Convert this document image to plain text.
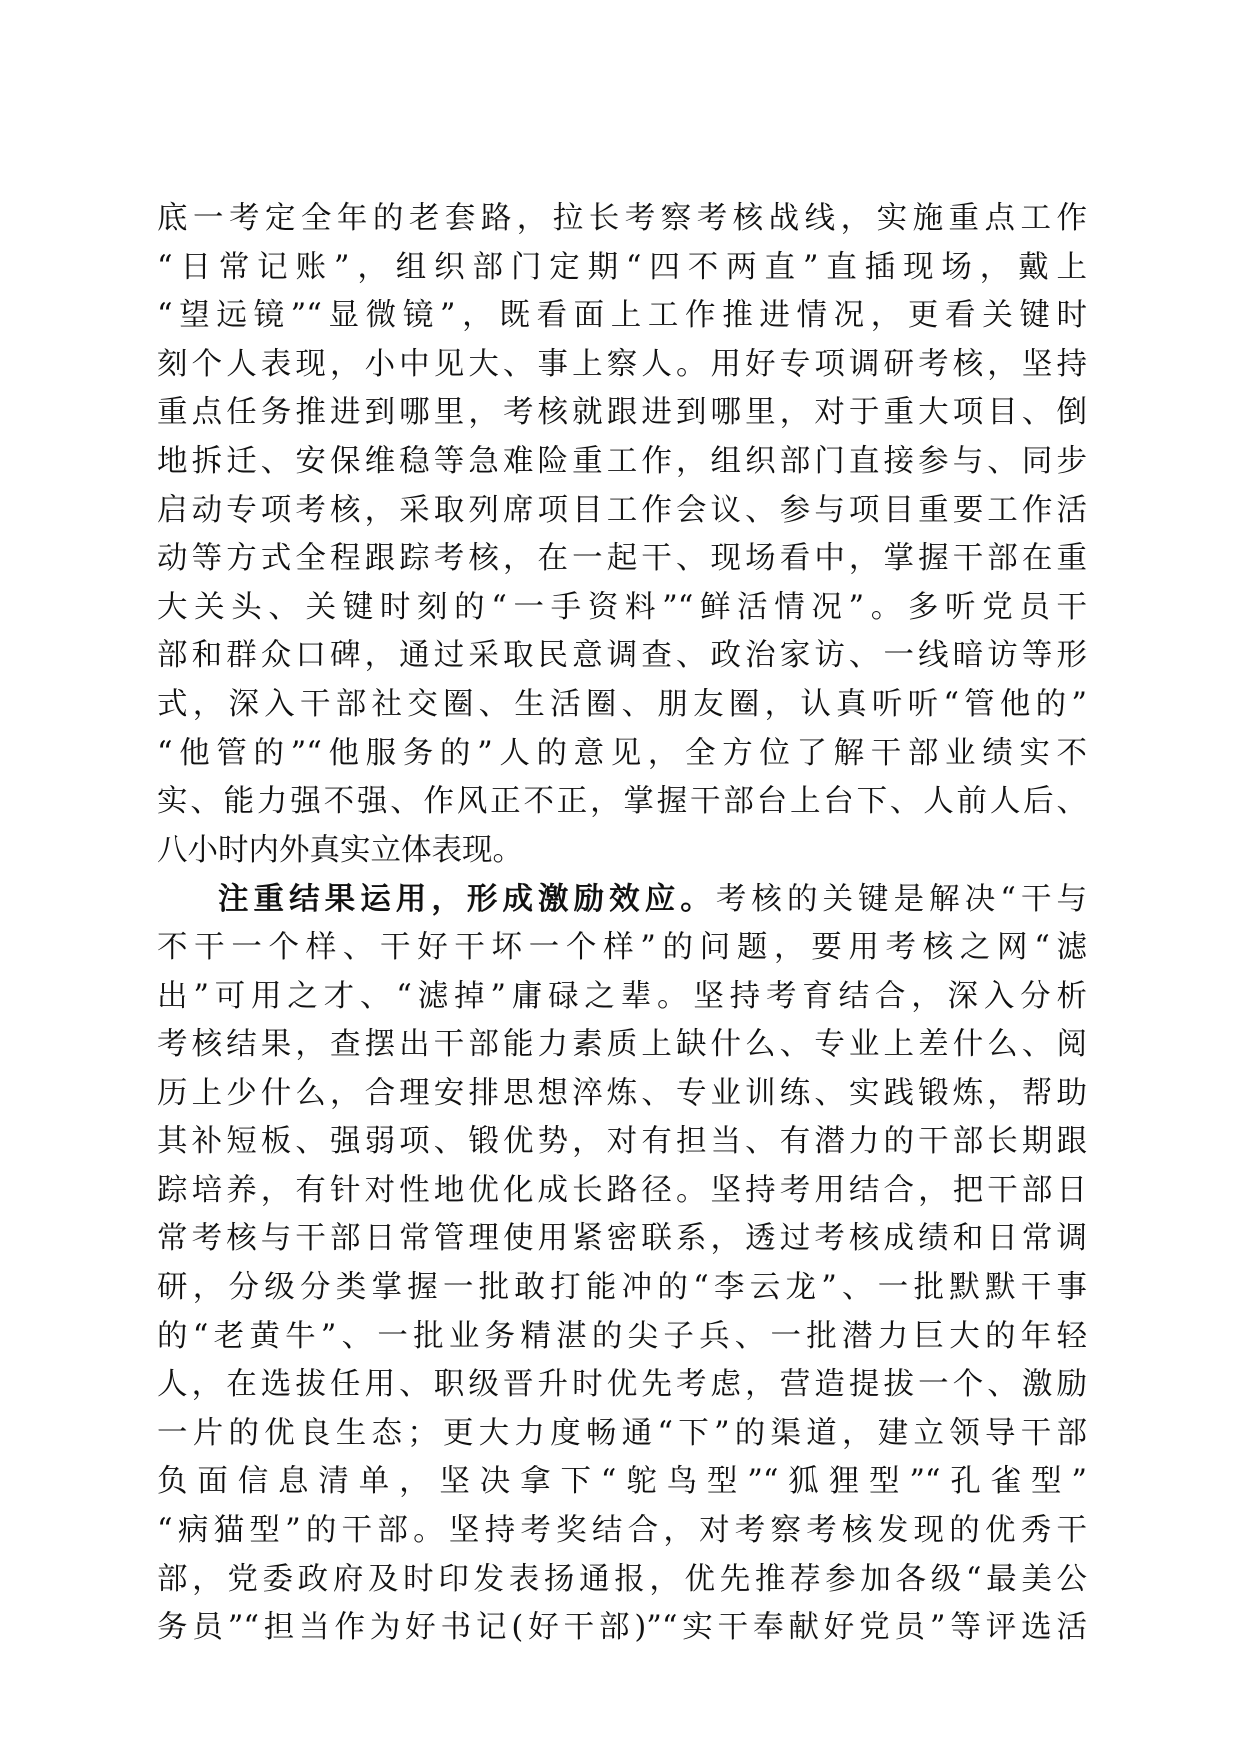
底一考定全年的老套路，拉长考察考核战线，实施重点工作
“日常记账”，组织部门定期“四不两直”直插现场，戴上
“望远镜”“显微镜”，既看面上工作推进情况，更看关键时
刻个人表现，小中见大、事上察人。用好专项调研考核，坚持
重点任务推进到哪里，考核就跟进到哪里，对于重大项目、倒
地拆迁、安保维稳等急难险重工作，组织部门直接参与、同步
启动专项考核，采取列席项目工作会议、参与项目重要工作活
动等方式全程跟踪考核，在一起干、现场看中，掌握干部在重
大关头、关键时刻的“一手资料”“鲜活情况”。多听党员干
部和群众口碑，通过采取民意调查、政治家访、一线暗访等形
式，深入干部社交圈、生活圈、朋友圈，认真听听“管他的”
“他管的”“他服务的”人的意见，全方位了解干部业绩实不
实、能力强不强、作风正不正，掌握干部台上台下、人前人后、
八小时内外真实立体表现。
注重结果运用，形成激励效应。考核的关键是解决“干与
不干一个样、干好干坏一个样”的问题，要用考核之网“滤
出”可用之才、“滤掉”庸碌之辈。坚持考育结合，深入分析
考核结果，查摆出干部能力素质上缺什么、专业上差什么、阅
历上少什么，合理安排思想淬炼、专业训练、实践锻炼，帮助
其补短板、强弱项、锻优势，对有担当、有潜力的干部长期跟
踪培养，有针对性地优化成长路径。坚持考用结合，把干部日
常考核与干部日常管理使用紧密联系，透过考核成绩和日常调
研，分级分类掌握一批敢打能冲的“李云龙”、一批默默干事
的“老黄牛”、一批业务精湛的尖子兵、一批潜力巨大的年轻
人，在选拔任用、职级晋升时优先考虑，营造提拔一个、激励
一片的优良生态；更大力度畅通“下”的渠道，建立领导干部
负面信息清单，坚决拿下“鸵鸟型”“狐狸型”“孔雀型”
“病猫型”的干部。坚持考奖结合，对考察考核发现的优秀干
部，党委政府及时印发表扬通报，优先推荐参加各级“最美公
务员”“担当作为好书记(好干部)”“实干奉献好党员”等评选活
